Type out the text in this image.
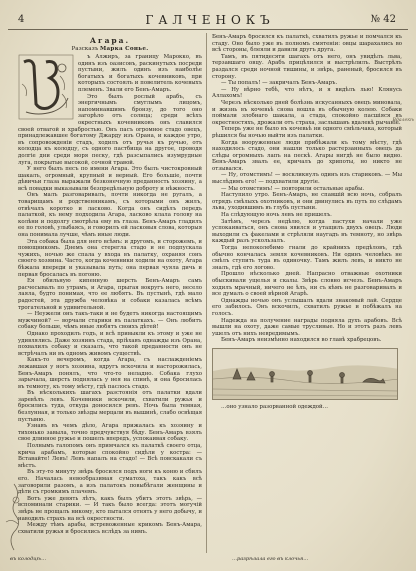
4	ГАЛЧЕНОКЪ	№ 42
Агара.
Разсказъ Марка Сонье.

ъ Алжиръ, за границу Марокко, въ одинъ изъ оазисовъ, раскинутыхъ посреди пустыни, жилъ одинъ изъ наиболѣе богатыхъ и богатыхъ кочевниковъ, при которыхъ состоялъ и повелитель кочевыхъ племенъ. Звали его Бенъ-Амаръ.

Это былъ рослый арабъ, съ энергичнымъ смуглымъ лицомъ, напоминавшимъ бронзу, до того оно загорѣло отъ солнца; среди всѣхъ окрестныхъ кочевниковъ онъ славился своей отвагой и храбростью. Онъ пасъ огромное стадо овецъ, принадлежавшее богатому Джарду изъ Орана, и каждое утро, въ сопровожденіи стадъ, ходилъ отъ ручья къ ручью, отъ колодца къ колодцу, съ одного пастбища на другое, проводя долгіе дни среди моря песку, гдѣ разсыпались изумрудные луга, покрытые высокой, сочной травой.

У него былъ песъ по имени Агара. Это былъ чистокровный шакалъ, огромный, крупный и верный. Его большіе, почти дѣвичьи глаза выражали безконечную преданность хозяину, а всѣ повадки выказывали безпредѣльную доброту и нѣжность.

Онъ малъ разговаривалъ, почти никогда не ругалъ, а товарищамъ и родственникамъ, съ которыми онъ жилъ, отвѣчалъ коротко и ласково. Когда онъ сидѣлъ передъ палаткой, къ нему подходила Агара, ласково клала голову на колѣни и подолгу смотрѣла ему въ глаза. Бенъ-Амаръ гладилъ ее по головѣ, улыбаясь, и говорилъ ей ласковыя слова, которыя она понимала лучше, чѣмъ иные люди.

Эта собака была для него всѣмъ: и другомъ, и сторожемъ, и помощникомъ. Днемъ она стерегла стадо и не подпускала чужихъ, ночью же спала у входа въ палатку, охраняя сонъ своего хозяина. Часто, когда кочевники ходили на охоту, Агара бѣжала впереди и указывала путь; она первая чуяла дичь и первая бросалась въ погоню.

Ея обильную кипенную шерсть Бенъ-Амаръ самъ расчесывалъ по утрамъ, и Агара, прыгая вокругъ него, весело лаяла, будто понимая, что ее любятъ. Въ пустынѣ, гдѣ мало радостей, эта дружба человѣка и собаки казалась всѣмъ трогательной и удивительной.

— Неужели онъ такъ-таки и не будетъ никогда настоящимъ мужчиной? — ворчали старики въ палаткахъ. — Онъ любитъ собаку больше, чѣмъ иные любятъ своихъ дѣтей!

Однако проходилъ годъ, и всѣ привыкли къ этому и уже не удивлялись. Даже хозяинъ стада, пріѣхавъ однажды изъ Орана, похвалилъ собаку и сказалъ, что такой преданности онъ не встрѣчалъ ни въ одномъ живомъ существѣ.

Какъ-то вечеромъ, когда Агара, съ наслажденіемъ лежавшая у ногъ хозяина, вдругъ вскочила и насторожилась, Бенъ-Амаръ понялъ, что что-то неладно. Собака глухо зарычала, шерсть поднялась у нея на спинѣ, и она бросилась въ темноту, къ тому мѣсту, гдѣ паслось стадо.

Въ нѣсколькихъ шагахъ разстоянія отъ палатки вдали заревѣлъ левъ. Кочевники вскочили, схватили ружья и бросились туда, откуда доносился ревъ. Ночь была темная, безлунная, и только звѣзды мерцали въ вышинѣ, слабо освѣщая пустыню.

Узнавъ въ чемъ дѣло, Агара прижалась къ хозяину и тихонько завыла, точно предчувствуя бѣду. Бенъ-Амаръ взялъ свое длинное ружье и пошелъ впередъ, успокаивая собаку.

Полнымъ галопомъ онъ примчался къ палаткѣ своего отца, крича арабамъ, которые спокойно сидѣли у костра: — Вставайте! Левъ! Левъ напалъ на стадо! — Всѣ повскакали съ мѣстъ.

Въ эту-то минуту звѣрь бросился подъ ноги къ коню и сбилъ его. Началась невообразимая суматоха, такъ какъ всѣ заговорили разомъ, а изъ палатокъ повыбѣгали женщины и дѣти съ громкимъ плачемъ.

Вотъ уже девять лѣтъ, какъ былъ убитъ этотъ звѣрь, — вспоминали старики. — И такъ было всегда: этотъ могучій звѣрь не прощалъ никому, кто пытался отнять у него добычу, и наводилъ страхъ на всѣ окрестности.

Между тѣмъ арабы, встревоженные крикомъ Бенъ-Амара, схватили ружья и бросились вслѣдъ за нимъ.

Бенъ-Амаръ бросился къ палаткѣ, схватилъ ружье и помчался къ стаду. Оно было уже въ полномъ смятеніи: овцы шарахались во всѣ стороны, блеяли и давили другъ друга.

Тамъ, въ пятидесяти шагахъ отъ него, онъ увидѣлъ льва, терзавшаго овцу. Арабъ прицѣлился и выстрѣлилъ. Выстрѣлъ раздался среди ночной тишины, и звѣрь, раненый, бросился въ сторону.

— Ты попалъ! — закричалъ Бенъ-Амаръ.

— Ну вѣрно тебѣ, что нѣтъ, и я видѣлъ лью! Клянусь Аллахомъ!

Черезъ нѣсколько дней болѣзнь искусанныхъ овецъ миновала, и жизнь въ кочевьѣ снова вошла въ обычную колею. Собаки поймали злобнаго шакала, а стада, спокойно пасшіяся въ окрестностяхъ, дрожали отъ страха, заслышавъ вдалекѣ рычаніе.

Теперь уже не было въ кочевьѣ ни одного смѣльчака, который рѣшился бы ночью выйти изъ палатки.

Когда вооруженные люди прибѣжали къ тому мѣсту, гдѣ находилось стадо, они нашли только растерзанныхъ овецъ да слѣды огромныхъ лапъ на пескѣ. Агары нигдѣ не было видно. Бенъ-Амаръ звалъ ее, кричалъ до хрипоты, но никто не отзывался.

— Ну, отомстимъ! — воскликнулъ одинъ изъ стариковъ. — Мы выслѣдимъ его! — подхватили другіе.

— Мы отомстимъ! — повторили остальные арабы.

Наступило утро. Бенъ-Амаръ, не спавшій всю ночь, собралъ отрядъ смѣлыхъ охотниковъ, и они двинулись въ путь по слѣдамъ льва, уходившимъ въ глубь пустыни.

На слѣдующую ночь левъ не пришелъ.

Затѣмъ, черезъ недѣлю, когда пастухи начали уже успокаиваться, онъ снова явился и утащилъ двухъ овецъ. Люди выходили съ факелами и стрѣляли наугадъ въ темноту, но звѣрь каждый разъ ускользалъ.

Тогда непоколебимо гнали до крайнихъ предѣловъ, гдѣ обычно кончалась земля кочевниковъ. Ни одинъ человѣкъ не смѣлъ ступить туда въ одиночку. Тамъ жилъ левъ, и никто не зналъ, гдѣ его логово.

Прошло нѣсколько дней. Напрасно отважные охотники обыскивали ущелья и скалы. Звѣрь словно исчезъ. Бенъ-Амаръ ходилъ мрачный, ничего не ѣлъ, ни съ кѣмъ не разговаривалъ и все думалъ о своей вѣрной Агарѣ.

Однажды ночью онъ услышалъ вдали знакомый лай. Сердце его забилось. Онъ вскочилъ, схватилъ ружье и побѣжалъ на голосъ.

Надежда на получение награды подняла духъ арабовъ. Всѣ вышли на охоту, даже самые трусливые. Но и этотъ разъ левъ ушелъ отъ нихъ невредимымъ.

Бенъ-Амаръ неизмѣнно находился во главѣ храбрецовъ.

…оно узнало разорванной одеждой…

Вдалекѣ
въ колодцѣ…	…разрѣзала его въ клочья…
